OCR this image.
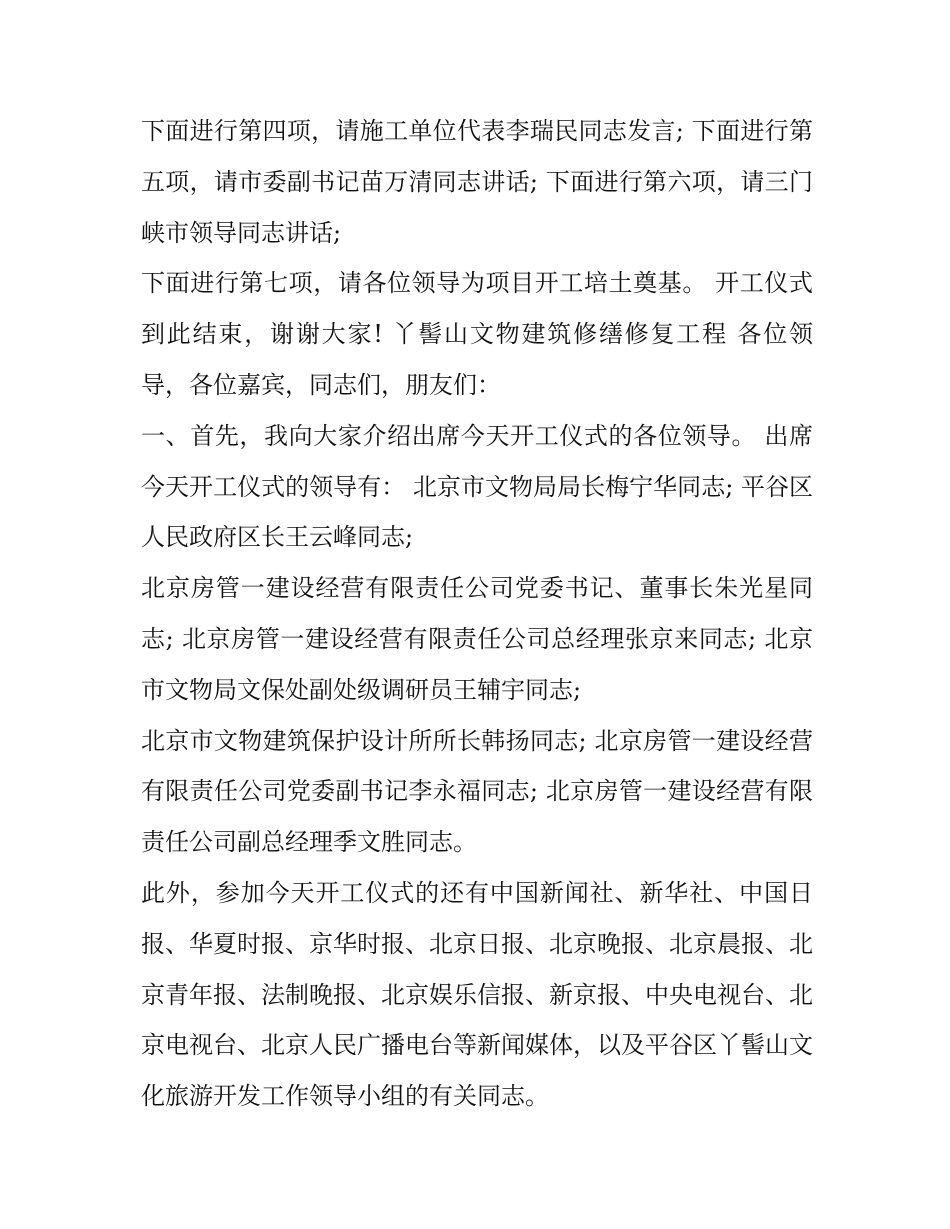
下面进行第四项，请施工单位代表李瑞民同志发言; 下面进行第五项，请市委副书记苗万清同志讲话; 下面进行第六项，请三门峡市领导同志讲话;

下面进行第七项，请各位领导为项目开工培土奠基。 开工仪式到此结束，谢谢大家! 丫髻山文物建筑修缮修复工程 各位领导，各位嘉宾，同志们，朋友们：

一、首先，我向大家介绍出席今天开工仪式的各位领导。 出席今天开工仪式的领导有： 北京市文物局局长梅宁华同志; 平谷区人民政府区长王云峰同志;

北京房管一建设经营有限责任公司党委书记、董事长朱光星同志; 北京房管一建设经营有限责任公司总经理张京来同志; 北京市文物局文保处副处级调研员王辅宇同志;

北京市文物建筑保护设计所所长韩扬同志; 北京房管一建设经营有限责任公司党委副书记李永福同志; 北京房管一建设经营有限责任公司副总经理季文胜同志。

此外，参加今天开工仪式的还有中国新闻社、新华社、中国日报、华夏时报、京华时报、北京日报、北京晚报、北京晨报、北京青年报、法制晚报、北京娱乐信报、新京报、中央电视台、北京电视台、北京人民广播电台等新闻媒体，以及平谷区丫髻山文化旅游开发工作领导小组的有关同志。
